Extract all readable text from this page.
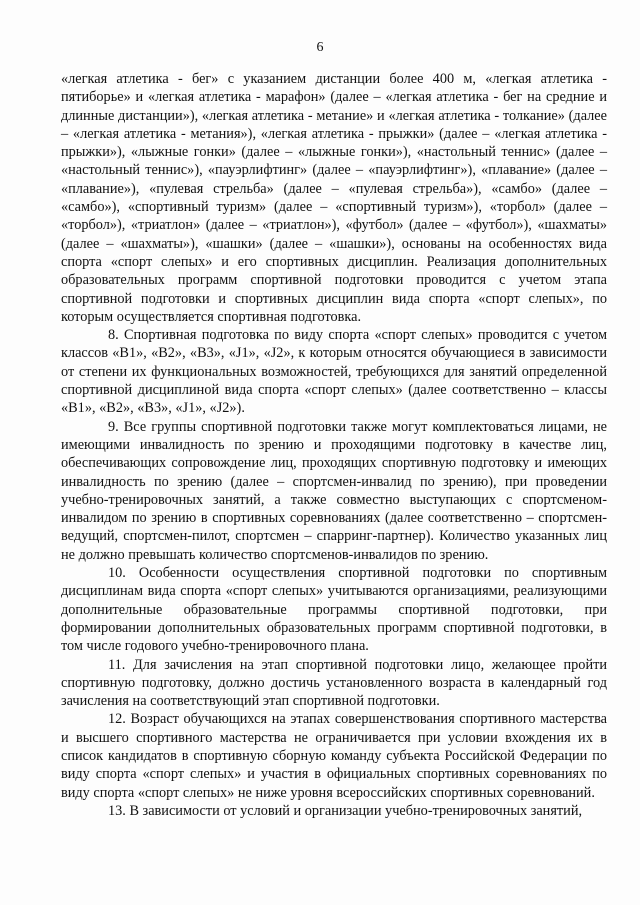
6

«легкая атлетика - бег» с указанием дистанции более 400 м, «легкая атлетика - пятиборье» и «легкая атлетика - марафон» (далее – «легкая атлетика - бег на средние и длинные дистанции»), «легкая атлетика - метание» и «легкая атлетика - толкание» (далее – «легкая атлетика - метания»), «легкая атлетика - прыжки» (далее – «легкая атлетика - прыжки»), «лыжные гонки» (далее – «лыжные гонки»), «настольный теннис» (далее – «настольный теннис»), «пауэрлифтинг» (далее – «пауэрлифтинг»), «плавание» (далее – «плавание»), «пулевая стрельба» (далее – «пулевая стрельба»), «самбо» (далее – «самбо»), «спортивный туризм» (далее – «спортивный туризм»), «торбол» (далее – «торбол»), «триатлон» (далее – «триатлон»), «футбол» (далее – «футбол»), «шахматы» (далее – «шахматы»), «шашки» (далее – «шашки»), основаны на особенностях вида спорта «спорт слепых» и его спортивных дисциплин. Реализация дополнительных образовательных программ спортивной подготовки проводится с учетом этапа спортивной подготовки и спортивных дисциплин вида спорта «спорт слепых», по которым осуществляется спортивная подготовка.

8. Спортивная подготовка по виду спорта «спорт слепых» проводится с учетом классов «B1», «B2», «B3», «J1», «J2», к которым относятся обучающиеся в зависимости от степени их функциональных возможностей, требующихся для занятий определенной спортивной дисциплиной вида спорта «спорт слепых» (далее соответственно – классы «B1», «B2», «B3», «J1», «J2»).

9. Все группы спортивной подготовки также могут комплектоваться лицами, не имеющими инвалидность по зрению и проходящими подготовку в качестве лиц, обеспечивающих сопровождение лиц, проходящих спортивную подготовку и имеющих инвалидность по зрению (далее – спортсмен-инвалид по зрению), при проведении учебно-тренировочных занятий, а также совместно выступающих с спортсменом-инвалидом по зрению в спортивных соревнованиях (далее соответственно – спортсмен-ведущий, спортсмен-пилот, спортсмен – спарринг-партнер). Количество указанных лиц не должно превышать количество спортсменов-инвалидов по зрению.

10. Особенности осуществления спортивной подготовки по спортивным дисциплинам вида спорта «спорт слепых» учитываются организациями, реализующими дополнительные образовательные программы спортивной подготовки, при формировании дополнительных образовательных программ спортивной подготовки, в том числе годового учебно-тренировочного плана.

11. Для зачисления на этап спортивной подготовки лицо, желающее пройти спортивную подготовку, должно достичь установленного возраста в календарный год зачисления на соответствующий этап спортивной подготовки.

12. Возраст обучающихся на этапах совершенствования спортивного мастерства и высшего спортивного мастерства не ограничивается при условии вхождения их в список кандидатов в спортивную сборную команду субъекта Российской Федерации по виду спорта «спорт слепых» и участия в официальных спортивных соревнованиях по виду спорта «спорт слепых» не ниже уровня всероссийских спортивных соревнований.

13. В зависимости от условий и организации учебно-тренировочных занятий,
